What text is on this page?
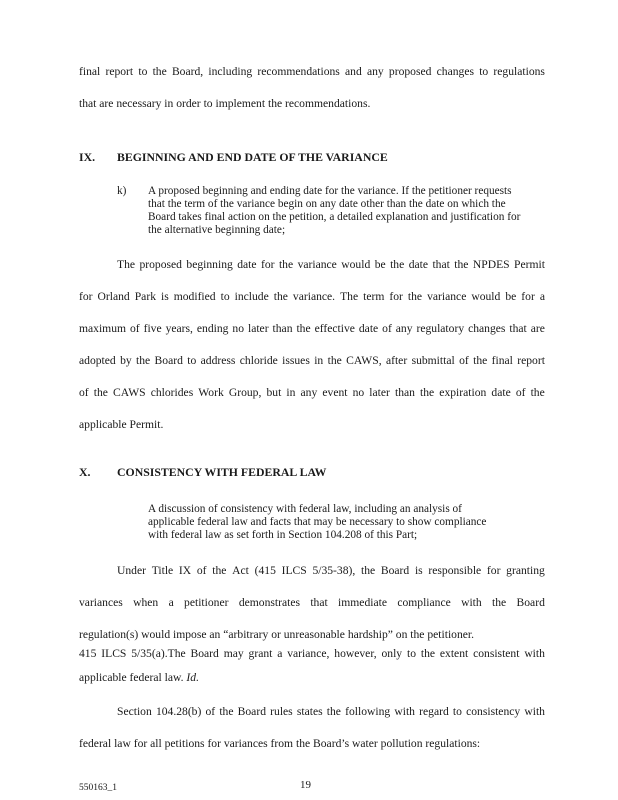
final report to the Board, including recommendations and any proposed changes to regulations
that are necessary in order to implement the recommendations.
IX. BEGINNING AND END DATE OF THE VARIANCE
k) A proposed beginning and ending date for the variance. If the petitioner requests
that the term of the variance begin on any date other than the date on which the
Board takes final action on the petition, a detailed explanation and justification for
the alternative beginning date;
The proposed beginning date for the variance would be the date that the NPDES Permit
for Orland Park is modified to include the variance. The term for the variance would be for a
maximum of five years, ending no later than the effective date of any regulatory changes that are
adopted by the Board to address chloride issues in the CAWS, after submittal of the final report
of the CAWS chlorides Work Group, but in any event no later than the expiration date of the
applicable Permit.
X. CONSISTENCY WITH FEDERAL LAW
A discussion of consistency with federal law, including an analysis of
applicable federal law and facts that may be necessary to show compliance
with federal law as set forth in Section 104.208 of this Part;
Under Title IX of the Act (415 ILCS 5/35-38), the Board is responsible for granting
variances when a petitioner demonstrates that immediate compliance with the Board
regulation(s) would impose an “arbitrary or unreasonable hardship” on the petitioner.
415 ILCS 5/35(a).The Board may grant a variance, however, only to the extent consistent with
applicable federal law. Id.
Section 104.28(b) of the Board rules states the following with regard to consistency with
federal law for all petitions for variances from the Board’s water pollution regulations:
550163_1	19
